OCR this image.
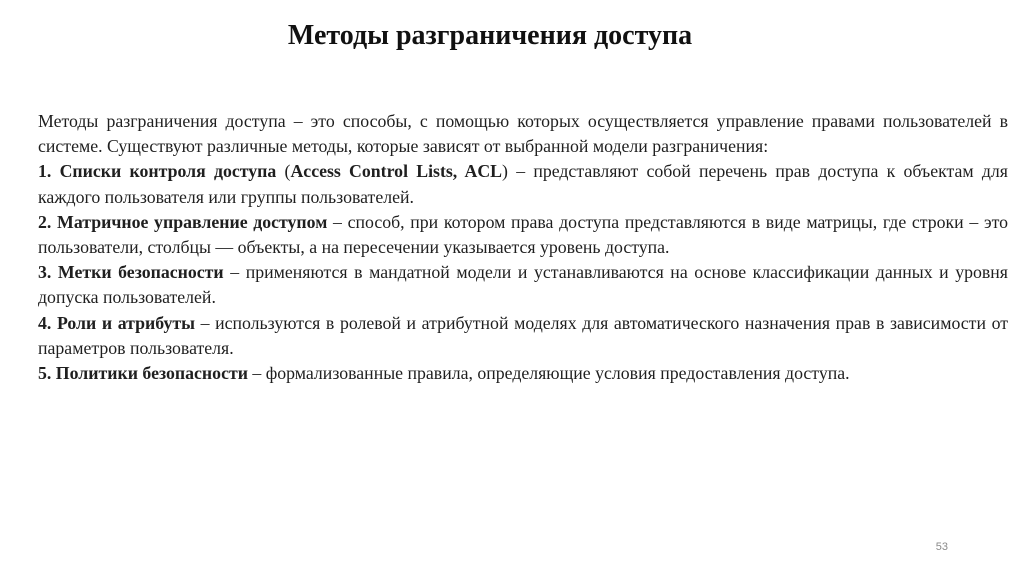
Методы разграничения доступа

Методы разграничения доступа – это способы, с помощью которых осуществляется управление правами пользователей в системе. Существуют различные методы, которые зависят от выбранной модели разграничения:

1. Списки контроля доступа (Access Control Lists, ACL) – представляют собой перечень прав доступа к объектам для каждого пользователя или группы пользователей.

2. Матричное управление доступом – способ, при котором права доступа представляются в виде матрицы, где строки – это пользователи, столбцы — объекты, а на пересечении указывается уровень доступа.

3. Метки безопасности – применяются в мандатной модели и устанавливаются на основе классификации данных и уровня допуска пользователей.

4. Роли и атрибуты – используются в ролевой и атрибутной моделях для автоматического назначения прав в зависимости от параметров пользователя.

5. Политики безопасности – формализованные правила, определяющие условия предоставления доступа.

53
